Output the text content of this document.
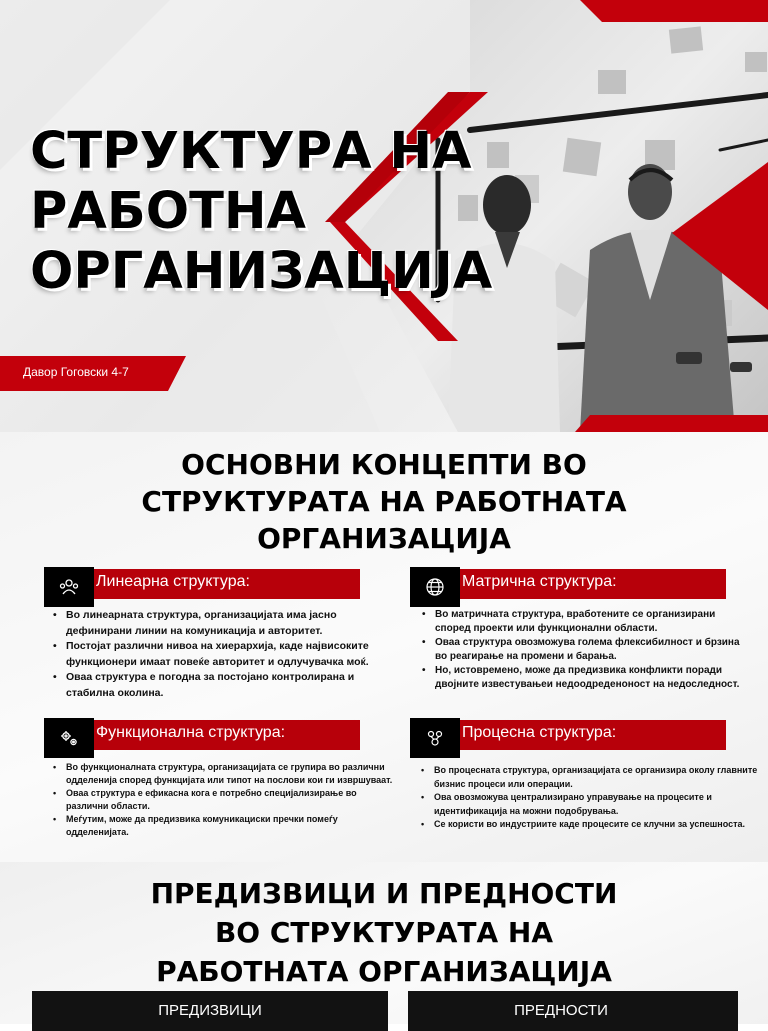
СТРУКТУРА НА
РАБОТНА
ОРГАНИЗАЦИЈА
Давор Гоговски 4-7
ОСНОВНИ КОНЦЕПТИ ВО
СТРУКТУРАТА НА РАБОТНАТА
ОРГАНИЗАЦИЈА
Линеарна структура:
• Во линеарната структура, организацијата има јасно дефинирани линии на комуникација и авторитет.
• Постојат различни нивоа на хиерархија, каде највисоките функционери имаат повеќе авторитет и одлучувачка моќ.
• Оваа структура е погодна за постојано контролирана и стабилна околина.
Матрична структура:
• Во матричната структура, вработените се организирани според проекти или функционални области.
• Оваа структура овозможува голема флексибилност и брзина во реагирање на промени и барања.
• Но, истовремено, може да предизвика конфликти поради двојните известувањеи недоодреденоност на недоследност.
Функционална структура:
• Во функционалната структура, организацијата се групира во различни одделенија според функцијата или типот на послови кои ги извршуваат.
• Оваа структура е ефикасна кога е потребно специјализирање во различни области.
• Меѓутим, може да предизвика комуникациски пречки помеѓу одделенијата.
Процесна структура:
• Во процесната структура, организацијата се организира околу главните бизнис процеси или операции.
• Ова овозможува централизирано управување на процесите и идентификација на можни подобрувања.
• Се користи во индустриите каде процесите се клучни за успешноста.
ПРЕДИЗВИЦИ И ПРЕДНОСТИ
ВО СТРУКТУРАТА НА
РАБОТНАТА ОРГАНИЗАЦИЈА
ПРЕДИЗВИЦИ	ПРЕДНОСТИ
